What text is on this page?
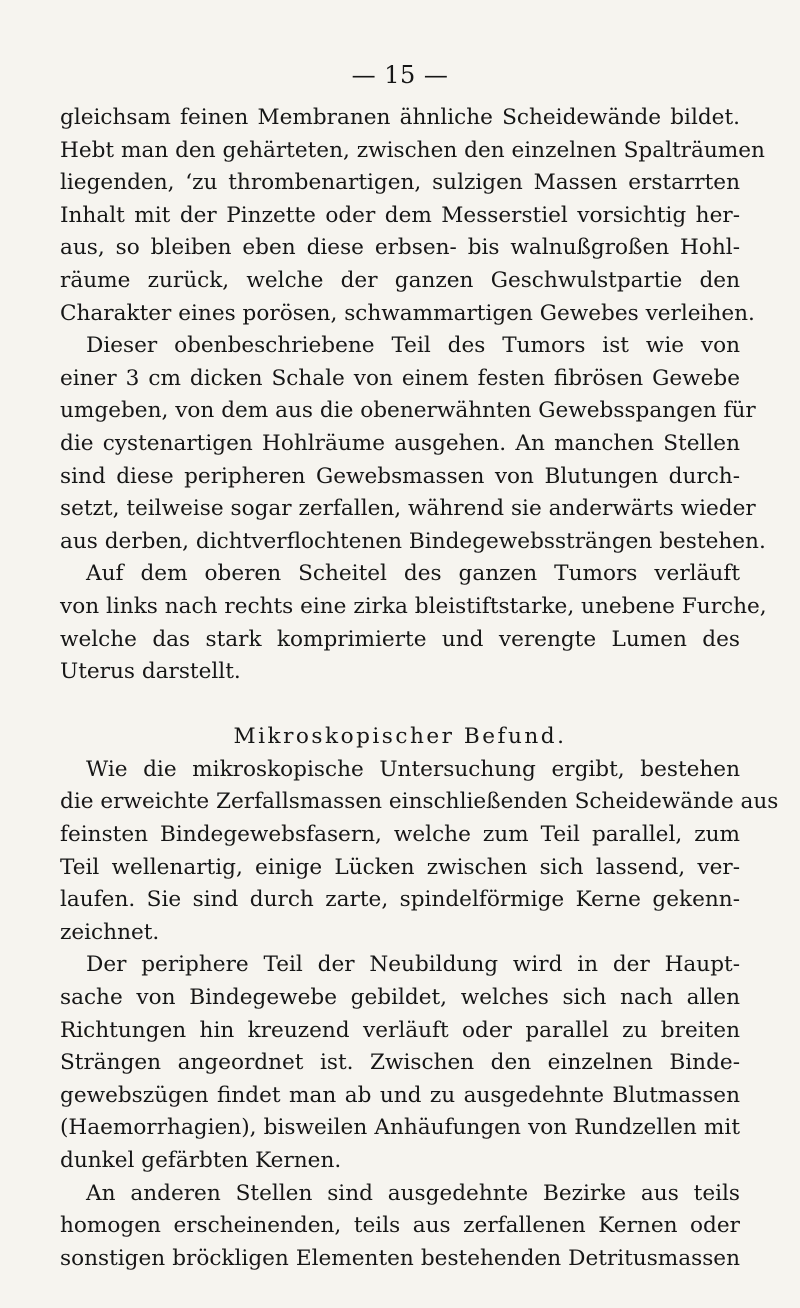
— 15 —
gleichsam feinen Membranen ähnliche Scheidewände bildet.
Hebt man den gehärteten, zwischen den einzelnen Spalträumen
liegenden, ‘zu thrombenartigen, sulzigen Massen erstarrten
Inhalt mit der Pinzette oder dem Messerstiel vorsichtig her-
aus, so bleiben eben diese erbsen- bis walnußgroßen Hohl-
räume zurück, welche der ganzen Geschwulstpartie den
Charakter eines porösen, schwammartigen Gewebes verleihen.
Dieser obenbeschriebene Teil des Tumors ist wie von
einer 3 cm dicken Schale von einem festen fibrösen Gewebe
umgeben, von dem aus die obenerwähnten Gewebsspangen für
die cystenartigen Hohlräume ausgehen. An manchen Stellen
sind diese peripheren Gewebsmassen von Blutungen durch-
setzt, teilweise sogar zerfallen, während sie anderwärts wieder
aus derben, dichtverflochtenen Bindegewebssträngen bestehen.
Auf dem oberen Scheitel des ganzen Tumors verläuft
von links nach rechts eine zirka bleistiftstarke, unebene Furche,
welche das stark komprimierte und verengte Lumen des
Uterus darstellt.
Mikroskopischer Befund.
Wie die mikroskopische Untersuchung ergibt, bestehen
die erweichte Zerfallsmassen einschließenden Scheidewände aus
feinsten Bindegewebsfasern, welche zum Teil parallel, zum
Teil wellenartig, einige Lücken zwischen sich lassend, ver-
laufen. Sie sind durch zarte, spindelförmige Kerne gekenn-
zeichnet.
Der periphere Teil der Neubildung wird in der Haupt-
sache von Bindegewebe gebildet, welches sich nach allen
Richtungen hin kreuzend verläuft oder parallel zu breiten
Strängen angeordnet ist. Zwischen den einzelnen Binde-
gewebszügen findet man ab und zu ausgedehnte Blutmassen
(Haemorrhagien), bisweilen Anhäufungen von Rundzellen mit
dunkel gefärbten Kernen.
An anderen Stellen sind ausgedehnte Bezirke aus teils
homogen erscheinenden, teils aus zerfallenen Kernen oder
sonstigen bröckligen Elementen bestehenden Detritusmassen
